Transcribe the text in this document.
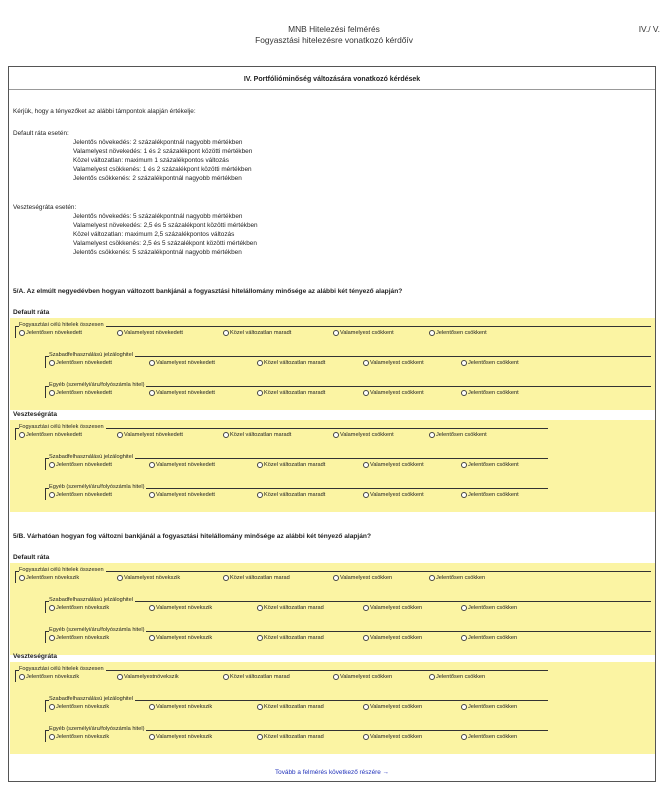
MNB Hitelezési felmérés
Fogyasztási hitelezésre vonatkozó kérdőív
IV./ V.
IV. Portfólióminőség változására vonatkozó kérdések
Kérjük, hogy a tényezőket az alábbi támpontok alapján értékelje:
Tovább a felmérés következő részére →
Default ráta esetén:
Jelentős növekedés: 2 százalékpontnál nagyobb mértékben
Valamelyest növekedés: 1 és 2 százalékpont közötti mértékben
Közel változatlan: maximum 1 százalékpontos változás
Valamelyest csökkenés: 1 és 2 százalékpont közötti mértékben
Jelentős csökkenés: 2 százalékpontnál nagyobb mértékben
Veszteségráta esetén:
Jelentős növekedés: 5 százalékpontnál nagyobb mértékben
Valamelyest növekedés: 2,5 és 5 százalékpont közötti mértékben
Közel változatlan: maximum 2,5 százalékpontos változás
Valamelyest csökkenés: 2,5 és 5 százalékpont közötti mértékben
Jelentős csökkenés: 5 százalékpontnál nagyobb mértékben
5/A. Az elmúlt negyedévben hogyan változott bankjánál a fogyasztási hitelállomány minősége az alábbi két tényező alapján?
Default ráta
Fogyasztási célú hitelek összesen
Jelentősen növekedett	Valamelyest növekedett	Közel változatlan maradt	Valamelyest csökkent	Jelentősen csökkent
Szabadfelhasználású jelzáloghitel
Jelentősen növekedett	Valamelyest növekedett	Közel változatlan maradt	Valamelyest csökkent	Jelentősen csökkent
Egyéb (személyi/áru/folyószámla hitel)
Jelentősen növekedett	Valamelyest növekedett	Közel változatlan maradt	Valamelyest csökkent	Jelentősen csökkent
Veszteségráta
Fogyasztási célú hitelek összesen
Jelentősen növekedett	Valamelyest növekedett	Közel változatlan maradt	Valamelyest csökkent	Jelentősen csökkent
Szabadfelhasználású jelzáloghitel
Jelentősen növekedett	Valamelyest növekedett	Közel változatlan maradt	Valamelyest csökkent	Jelentősen csökkent
Egyéb (személyi/áru/folyószámla hitel)
Jelentősen növekedett	Valamelyest növekedett	Közel változatlan maradt	Valamelyest csökkent	Jelentősen csökkent
5/B. Várhatóan hogyan fog változni bankjánál a fogyasztási hitelállomány minősége az alábbi két tényező alapján?
Default ráta
Fogyasztási célú hitelek összesen
Jelentősen növekszik	Valamelyest növekszik	Közel változatlan marad	Valamelyest csökken	Jelentősen csökken
Szabadfelhasználású jelzáloghitel
Jelentősen növekszik	Valamelyest növekszik	Közel változatlan marad	Valamelyest csökken	Jelentősen csökken
Egyéb (személyi/áru/folyószámla hitel)
Jelentősen növekszik	Valamelyest növekszik	Közel változatlan marad	Valamelyest csökken	Jelentősen csökken
Veszteségráta
Fogyasztási célú hitelek összesen
Jelentősen növekszik	Valamelyestnövekszik	Közel változatlan marad	Valamelyest csökken	Jelentősen csökken
Szabadfelhasználású jelzáloghitel
Jelentősen növekszik	Valamelyest növekszik	Közel változatlan marad	Valamelyest csökken	Jelentősen csökken
Egyéb (személyi/áru/folyószámla hitel)
Jelentősen növekszik	Valamelyest növekszik	Közel változatlan marad	Valamelyest csökken	Jelentősen csökken
